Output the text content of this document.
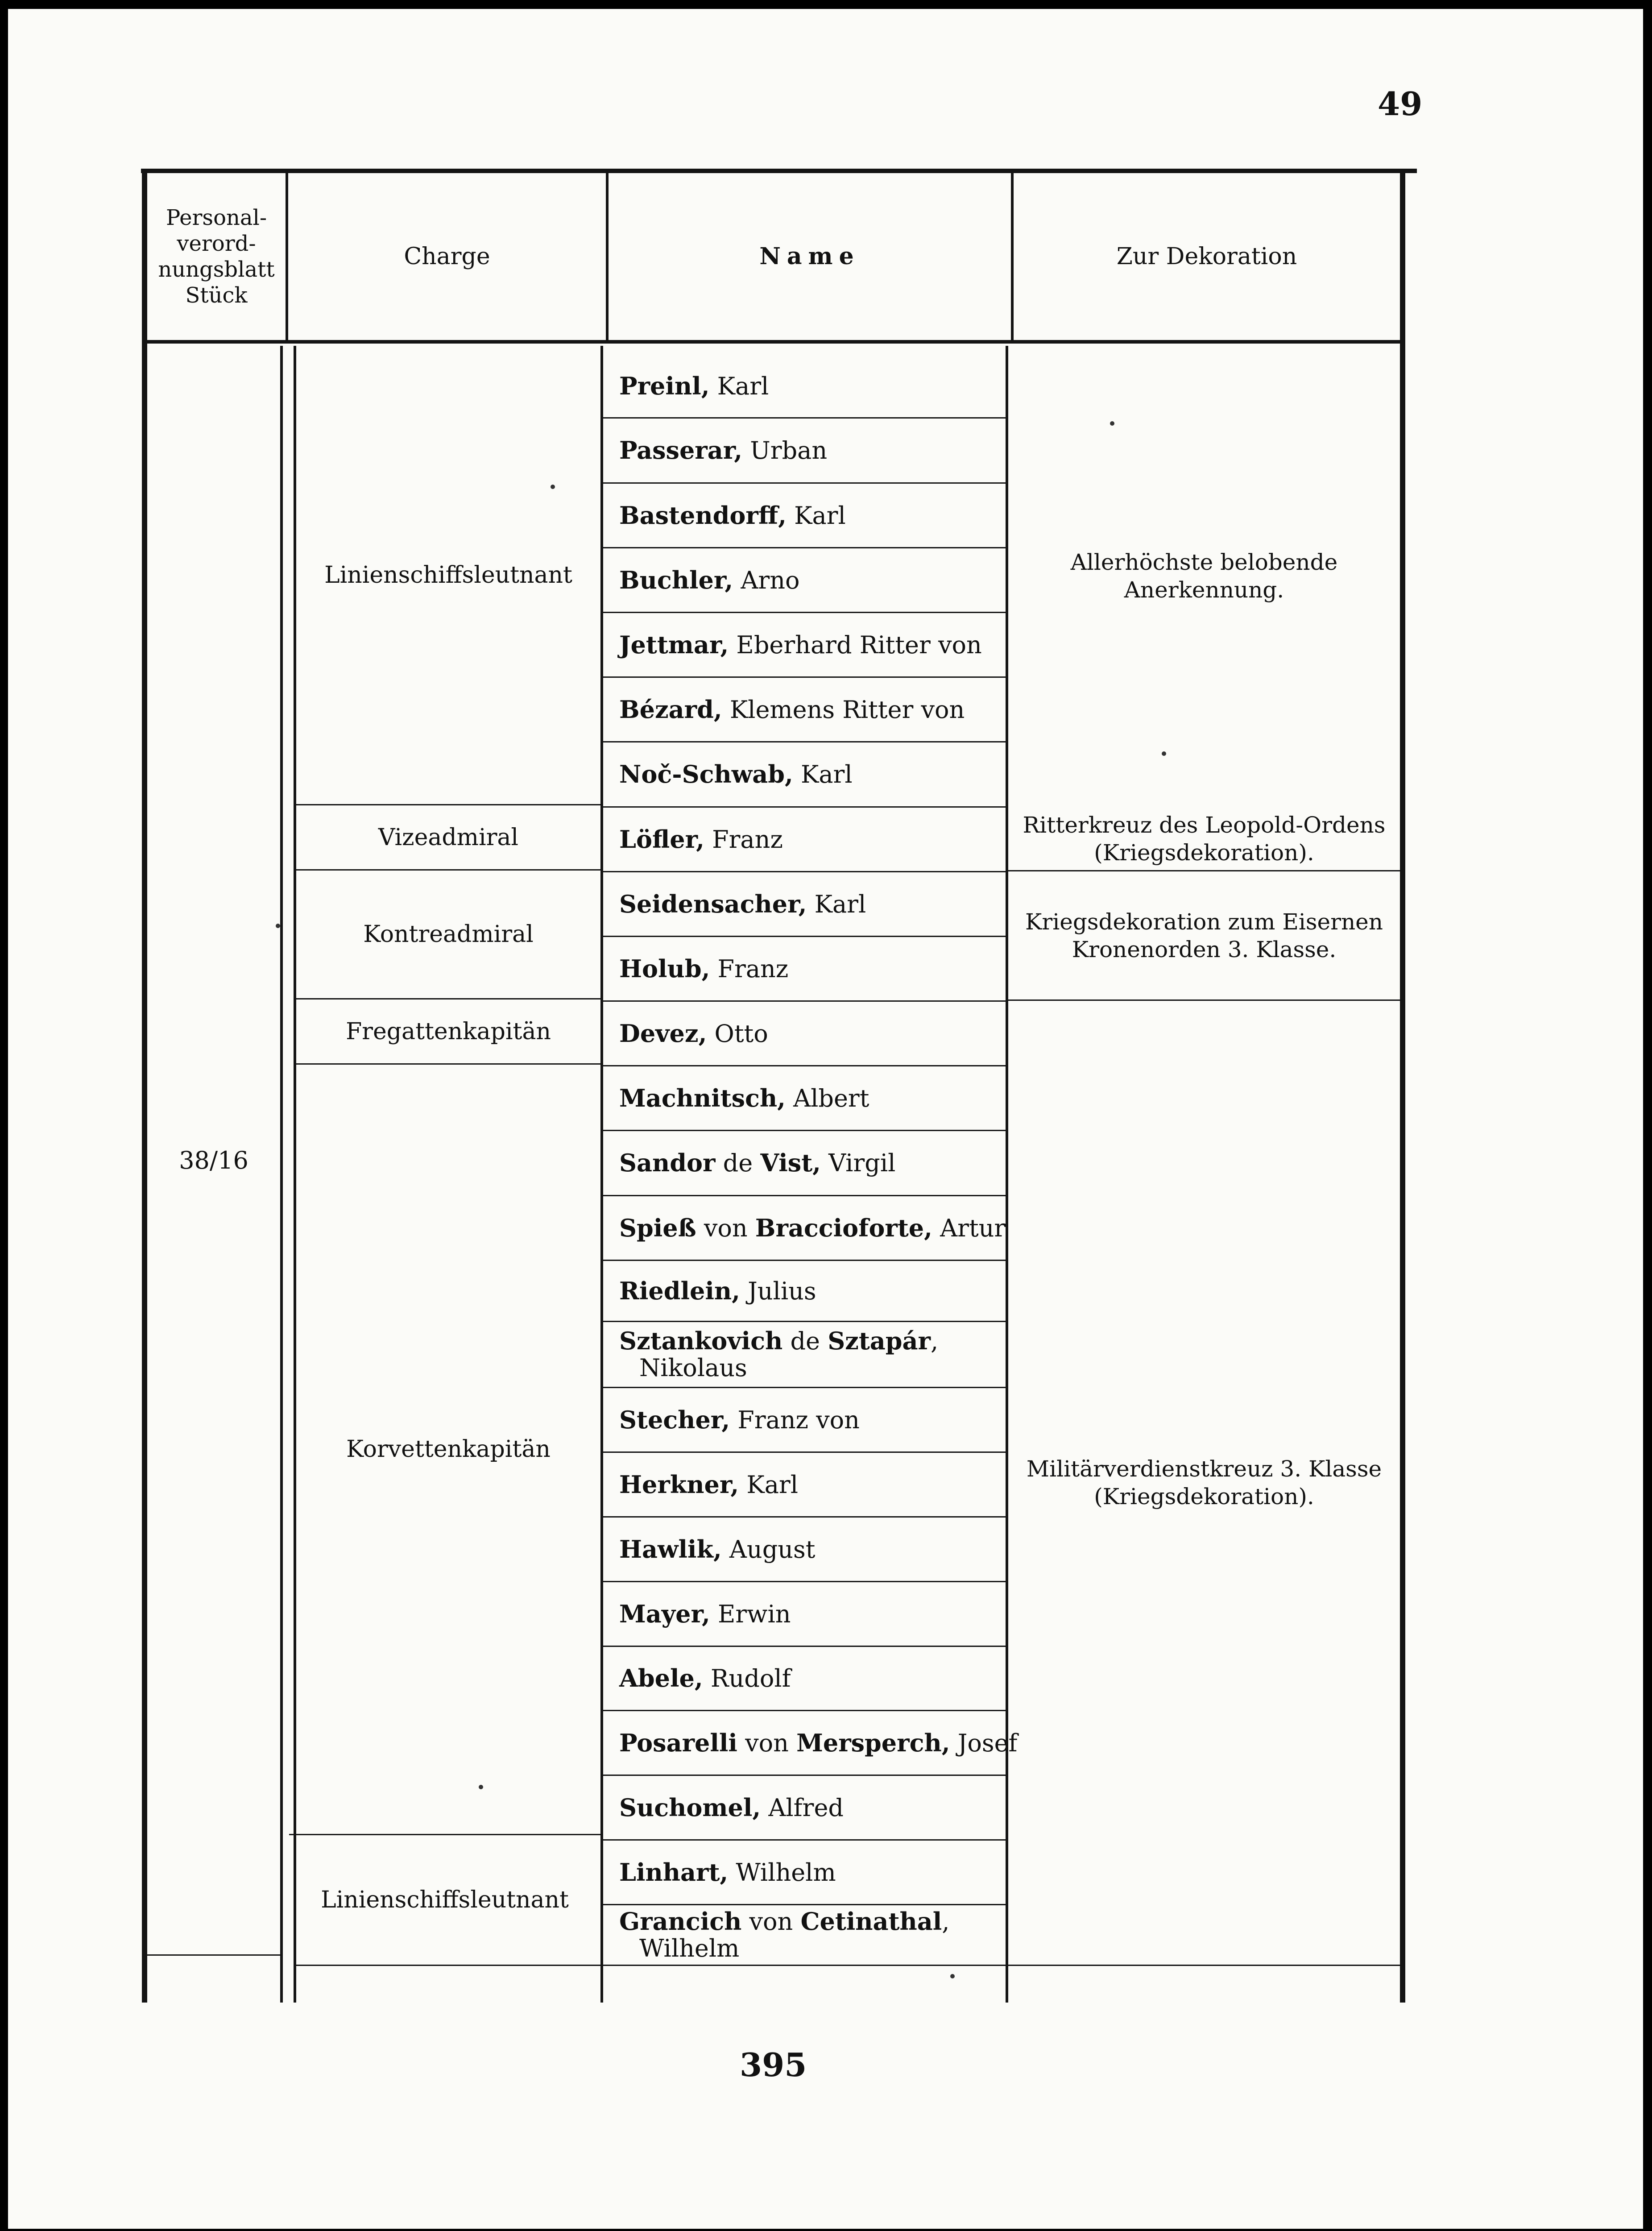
49
Personal-
verord-
nungsblatt
Stück
Charge	Name	Zur Dekoration
38/16
Linienschiffsleutnant
Vizeadmiral
Kontreadmiral
Fregattenkapitän
Korvettenkapitän
Linienschiffsleutnant
Preinl, Karl
Passerar, Urban
Bastendorff, Karl
Buchler, Arno
Jettmar, Eberhard Ritter von
Bézard, Klemens Ritter von
Noč-Schwab, Karl
Löfler, Franz
Seidensacher, Karl
Holub, Franz
Devez, Otto
Machnitsch, Albert
Sandor de Vist, Virgil
Spieß von Braccioforte, Artur
Riedlein, Julius
Sztankovich de Sztapár,
Nikolaus
Stecher, Franz von
Herkner, Karl
Hawlik, August
Mayer, Erwin
Abele, Rudolf
Posarelli von Mersperch, Josef
Suchomel, Alfred
Linhart, Wilhelm
Grancich von Cetinathal,
Wilhelm
Allerhöchste belobende Anerkennung.
Ritterkreuz des Leopold-Ordens
(Kriegsdekoration).
Kriegsdekoration zum Eisernen
Kronenorden 3. Klasse.
Militärverdienstkreuz 3. Klasse
(Kriegsdekoration).
395
